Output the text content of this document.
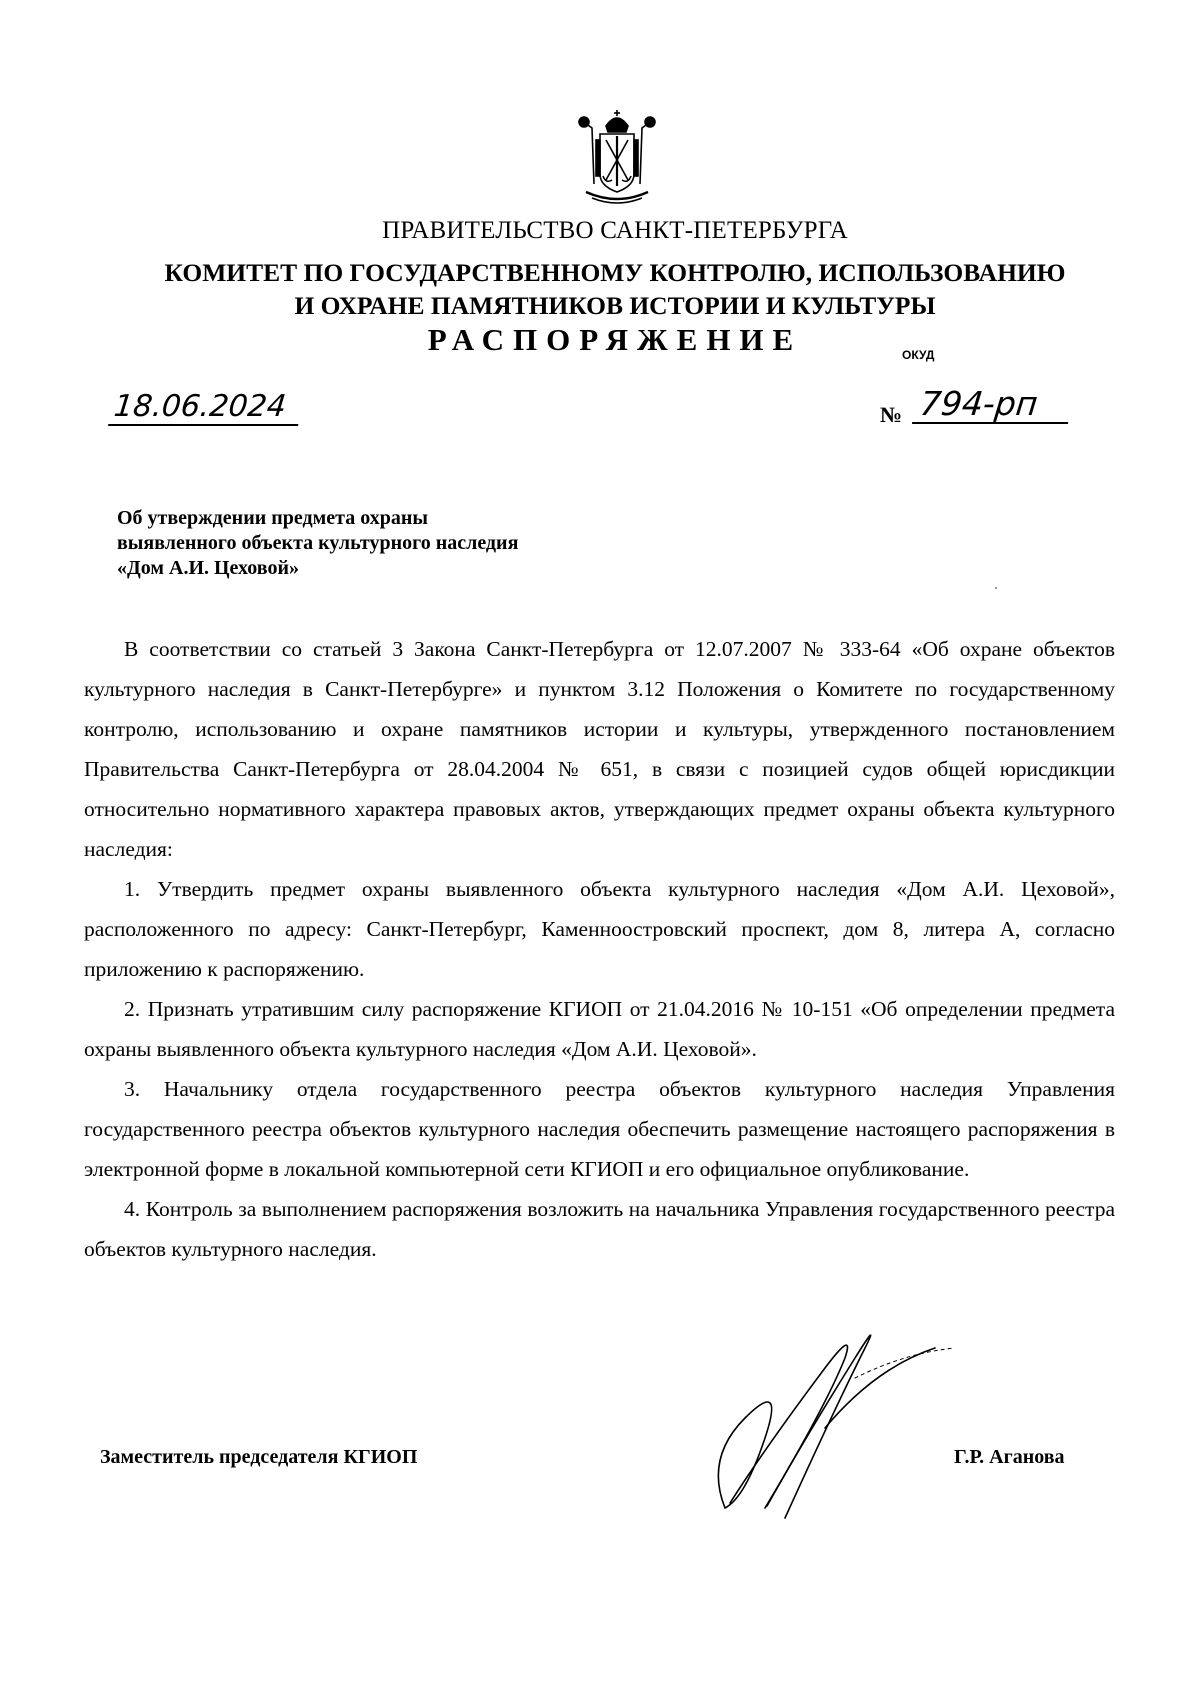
ПРАВИТЕЛЬСТВО САНКТ-ПЕТЕРБУРГА
КОМИТЕТ ПО ГОСУДАРСТВЕННОМУ КОНТРОЛЮ, ИСПОЛЬЗОВАНИЮ
И ОХРАНЕ ПАМЯТНИКОВ ИСТОРИИ И КУЛЬТУРЫ
РАСПОРЯЖЕНИЕ	ОКУД
18.06.2024	№ 794-рп
Об утверждении предмета охраны
выявленного объекта культурного наследия
«Дом А.И. Цеховой»

В соответствии со статьей 3 Закона Санкт-Петербурга от 12.07.2007 № 333-64 «Об охране объектов культурного наследия в Санкт-Петербурге» и пунктом 3.12 Положения о Комитете по государственному контролю, использованию и охране памятников истории и культуры, утвержденного постановлением Правительства Санкт-Петербурга от 28.04.2004 № 651, в связи с позицией судов общей юрисдикции относительно нормативного характера правовых актов, утверждающих предмет охраны объекта культурного наследия:

1. Утвердить предмет охраны выявленного объекта культурного наследия «Дом А.И. Цеховой», расположенного по адресу: Санкт-Петербург, Каменноостровский проспект, дом 8, литера А, согласно приложению к распоряжению.

2. Признать утратившим силу распоряжение КГИОП от 21.04.2016 № 10-151 «Об определении предмета охраны выявленного объекта культурного наследия «Дом А.И. Цеховой».

3. Начальнику отдела государственного реестра объектов культурного наследия Управления государственного реестра объектов культурного наследия обеспечить размещение настоящего распоряжения в электронной форме в локальной компьютерной сети КГИОП и его официальное опубликование.

4. Контроль за выполнением распоряжения возложить на начальника Управления государственного реестра объектов культурного наследия.

Заместитель председателя КГИОП	Г.Р. Аганова
